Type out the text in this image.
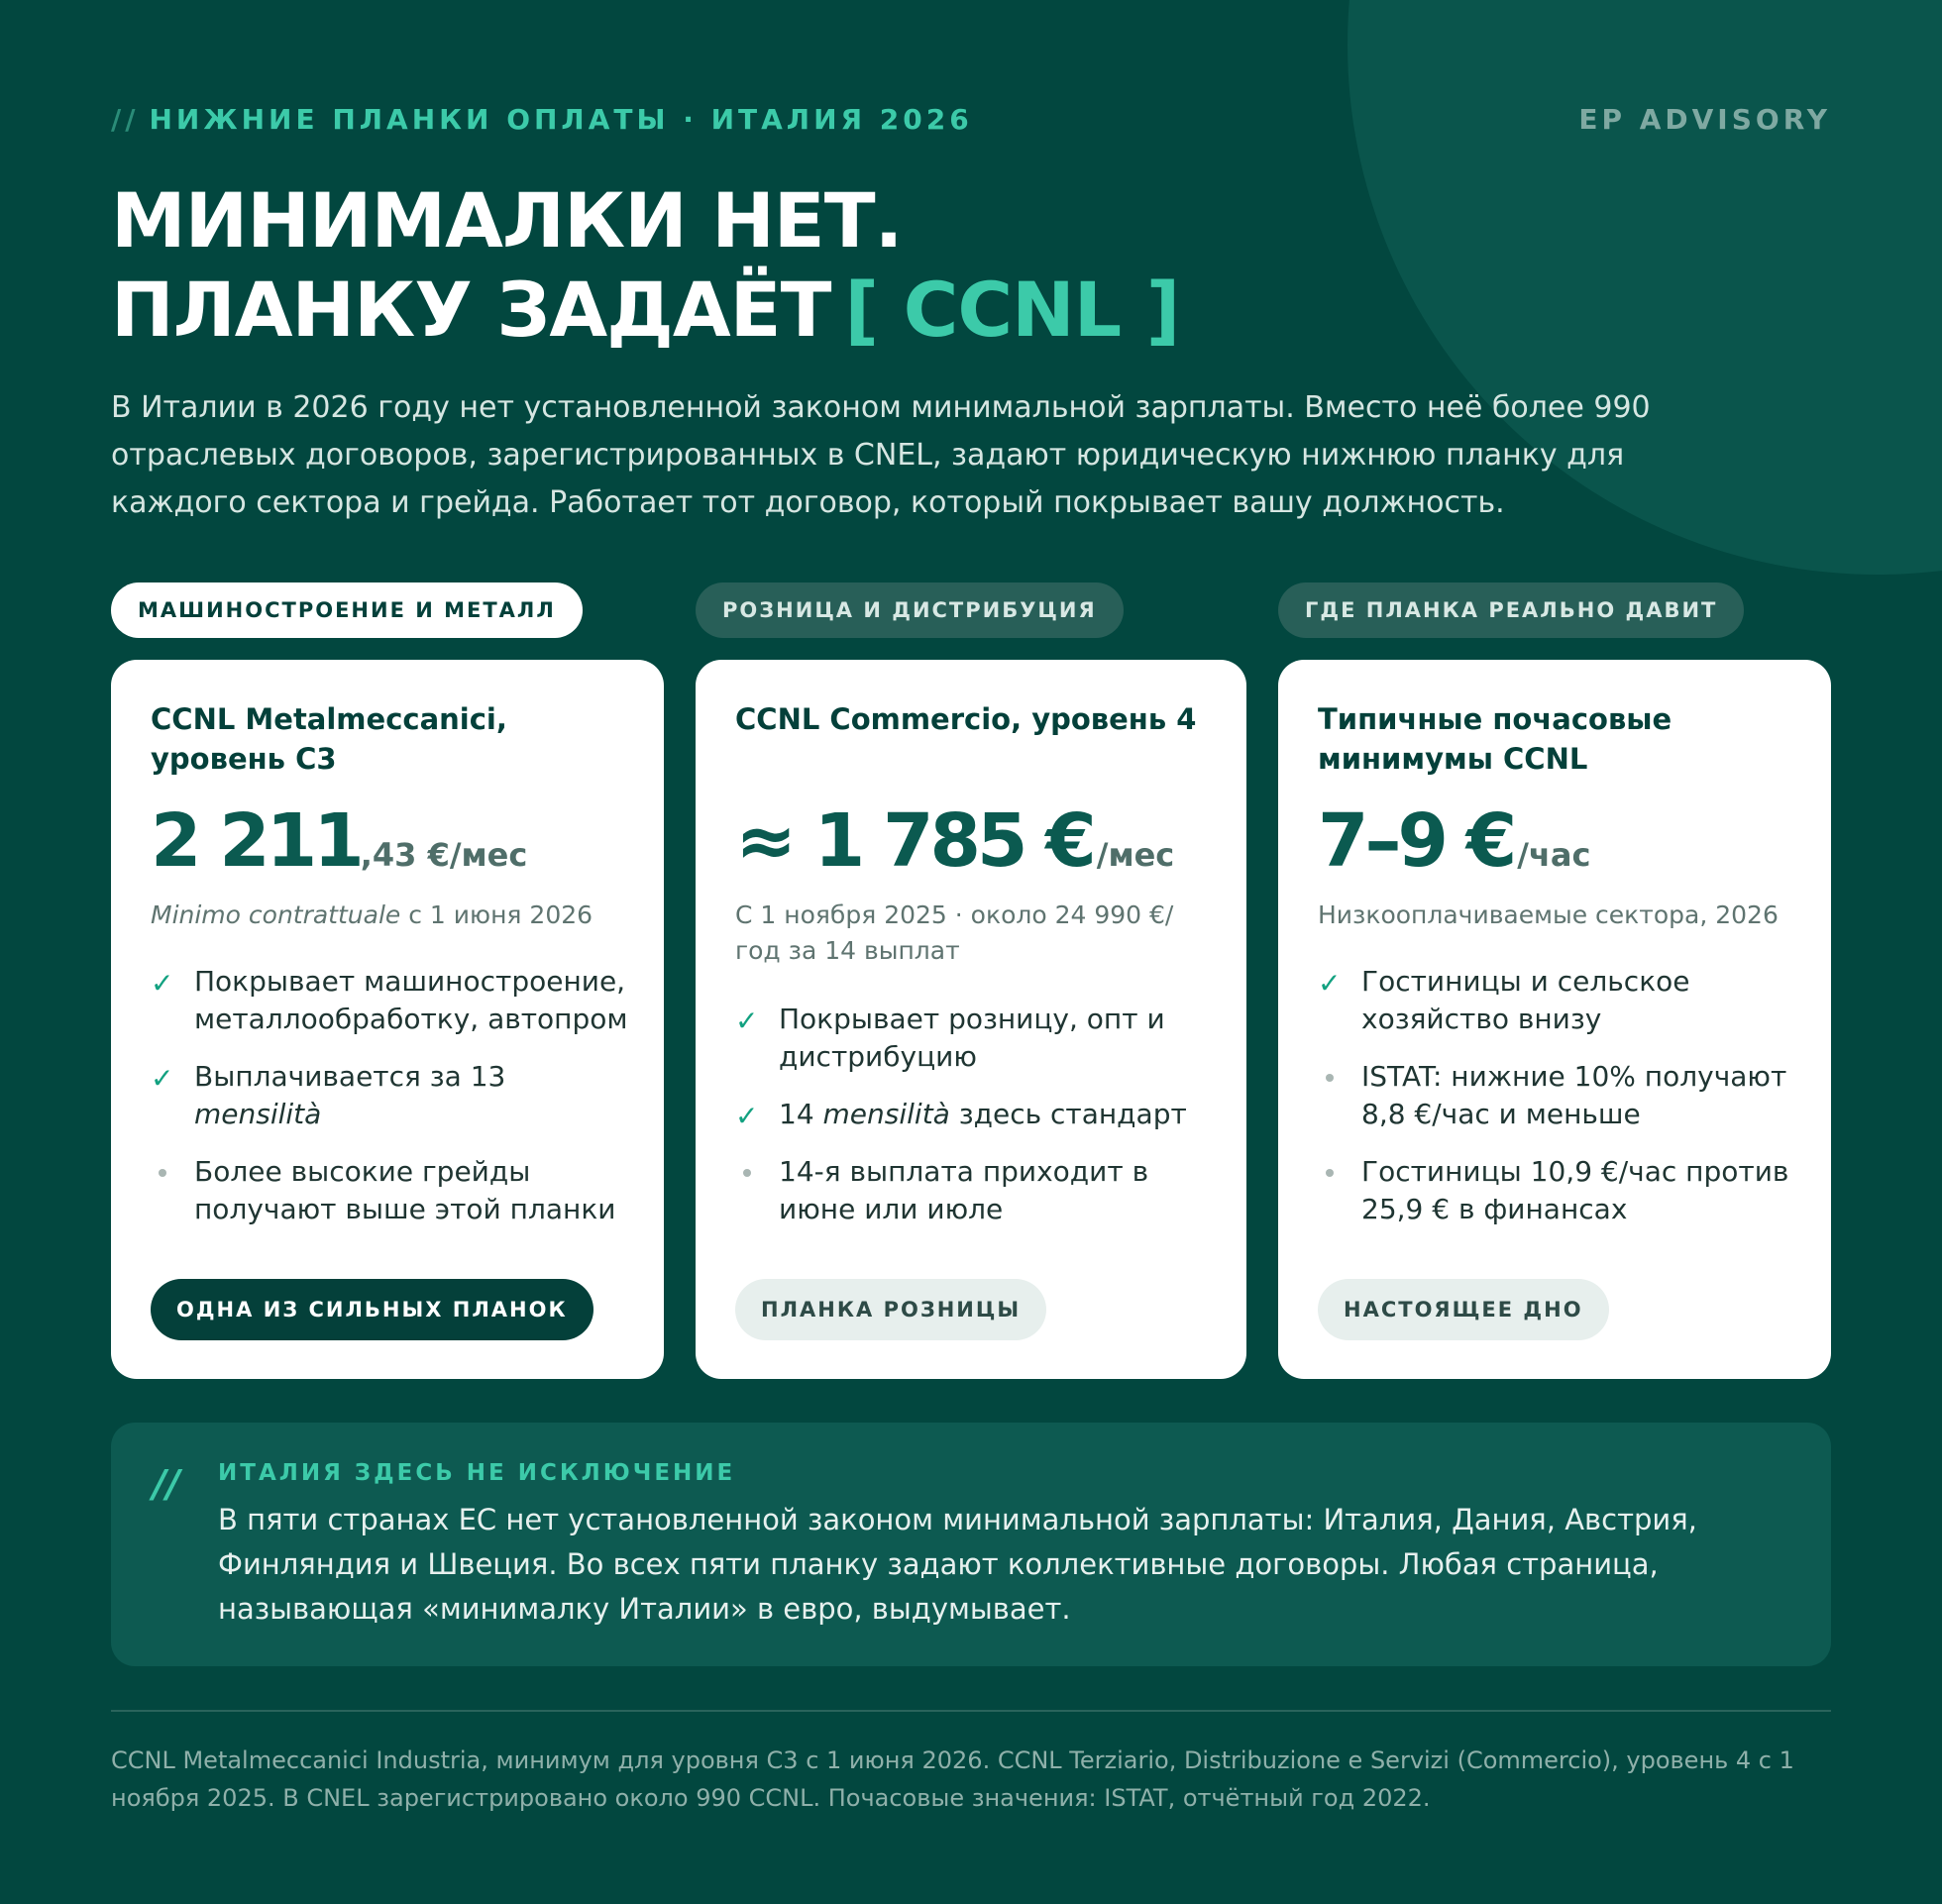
// НИЖНИЕ ПЛАНКИ ОПЛАТЫ · ИТАЛИЯ 2026	EP ADVISORY
МИНИМАЛКИ НЕТ.
ПЛАНКУ ЗАДАЁТ [ CCNL ]
В Италии в 2026 году нет установленной законом минимальной зарплаты. Вместо неё более 990 отраслевых договоров, зарегистрированных в CNEL, задают юридическую нижнюю планку для каждого сектора и грейда. Работает тот договор, который покрывает вашу должность.
МАШИНОСТРОЕНИЕ И МЕТАЛЛ	РОЗНИЦА И ДИСТРИБУЦИЯ	ГДЕ ПЛАНКА РЕАЛЬНО ДАВИТ
CCNL Metalmeccanici, уровень C3
2 211,43 €/мес
Minimo contrattuale с 1 июня 2026
✓ Покрывает машиностроение, металлообработку, автопром
✓ Выплачивается за 13 mensilità
Более высокие грейды получают выше этой планки
ОДНА ИЗ СИЛЬНЫХ ПЛАНОК
CCNL Commercio, уровень 4
≈ 1 785 € /мес
С 1 ноября 2025 · около 24 990 €/год за 14 выплат
✓ Покрывает розницу, опт и дистрибуцию
✓ 14 mensilità здесь стандарт
14-я выплата приходит в июне или июле
ПЛАНКА РОЗНИЦЫ
Типичные почасовые минимумы CCNL
7–9 € /час
Низкооплачиваемые сектора, 2026
✓ Гостиницы и сельское хозяйство внизу
ISTAT: нижние 10% получают 8,8 €/час и меньше
Гостиницы 10,9 €/час против 25,9 € в финансах
НАСТОЯЩЕЕ ДНО
// ИТАЛИЯ ЗДЕСЬ НЕ ИСКЛЮЧЕНИЕ
В пяти странах ЕС нет установленной законом минимальной зарплаты: Италия, Дания, Австрия, Финляндия и Швеция. Во всех пяти планку задают коллективные договоры. Любая страница, называющая «минималку Италии» в евро, выдумывает.
CCNL Metalmeccanici Industria, минимум для уровня C3 с 1 июня 2026. CCNL Terziario, Distribuzione e Servizi (Commercio), уровень 4 с 1 ноября 2025. В CNEL зарегистрировано около 990 CCNL. Почасовые значения: ISTAT, отчётный год 2022.
